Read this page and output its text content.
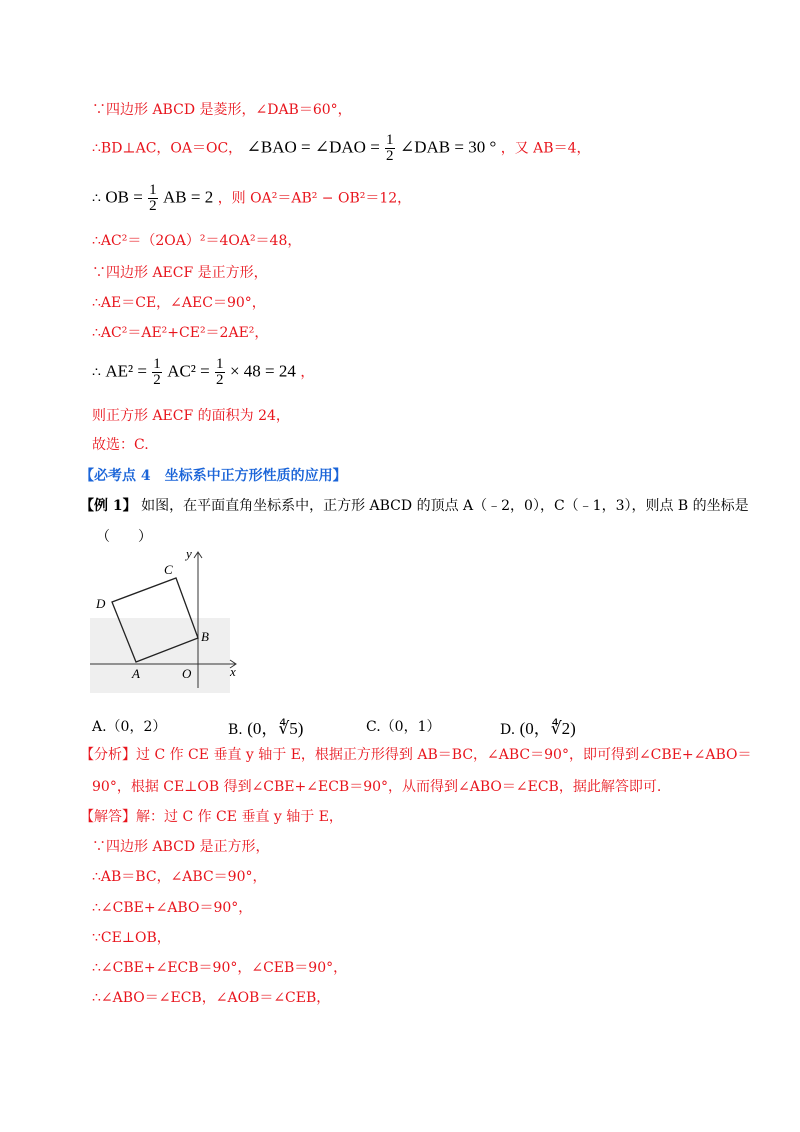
∵四边形 ABCD 是菱形，∠DAB＝60°，
∴BD⊥AC，OA＝OC， ∠BAO = ∠DAO = $\frac{1}{2}$ ∠DAB = 30 ° ，又 AB＝4，
∴ OB = $\frac{1}{2}$ AB = 2 ，则 OA²＝AB² − OB²＝12，
∴AC²＝（2OA）²＝4OA²＝48，
∵四边形 AECF 是正方形，
∴AE＝CE，∠AEC＝90°，
∴AC²＝AE²+CE²＝2AE²，
∴ $AE^2 = \frac{1}{2} AC^2 = \frac{1}{2} \times 48 = 24$ ，
则正方形 AECF 的面积为 24，
故选：C.
【必考点 4　坐标系中正方形性质的应用】
【例 1】 如图，在平面直角坐标系中，正方形 ABCD 的顶点 A（﹣2，0），C（﹣1，3），则点 B 的坐标是
（　　）
A
B
C
D
O	x
y
A.（0，2）	B. (0，∜5)	C.（0，1）	D. (0，∜2)
【分析】过 C 作 CE 垂直 y 轴于 E，根据正方形得到 AB＝BC，∠ABC＝90°，即可得到∠CBE+∠ABO＝
90°，根据 CE⊥OB 得到∠CBE+∠ECB＝90°，从而得到∠ABO＝∠ECB，据此解答即可.
【解答】解：过 C 作 CE 垂直 y 轴于 E，
∵四边形 ABCD 是正方形，
∴AB＝BC，∠ABC＝90°，
∴∠CBE+∠ABO＝90°，
∵CE⊥OB，
∴∠CBE+∠ECB＝90°，∠CEB＝90°，
∴∠ABO＝∠ECB，∠AOB＝∠CEB，
